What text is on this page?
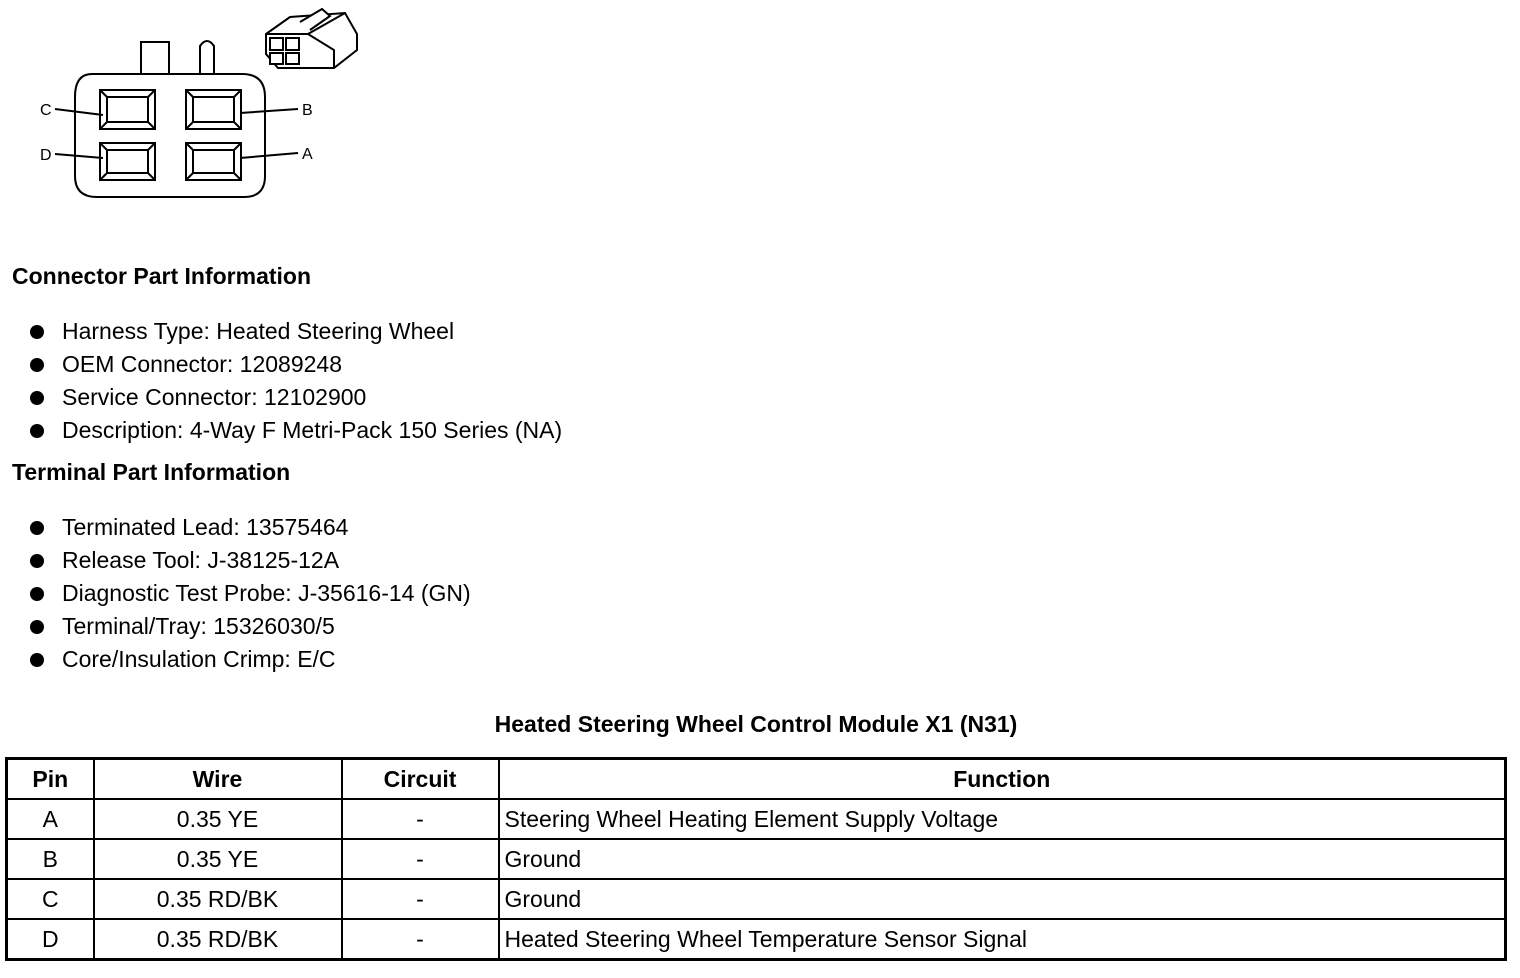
C	B
D	A
Connector Part Information
Harness Type: Heated Steering Wheel
OEM Connector: 12089248
Service Connector: 12102900
Description: 4-Way F Metri-Pack 150 Series (NA)
Terminal Part Information
Terminated Lead: 13575464
Release Tool: J-38125-12A
Diagnostic Test Probe: J-35616-14 (GN)
Terminal/Tray: 15326030/5
Core/Insulation Crimp: E/C
Heated Steering Wheel Control Module X1 (N31)
Pin	Wire	Circuit	Function
A	0.35 YE	-	Steering Wheel Heating Element Supply Voltage
B	0.35 YE	-	Ground
C	0.35 RD/BK	-	Ground
D	0.35 RD/BK	-	Heated Steering Wheel Temperature Sensor Signal
